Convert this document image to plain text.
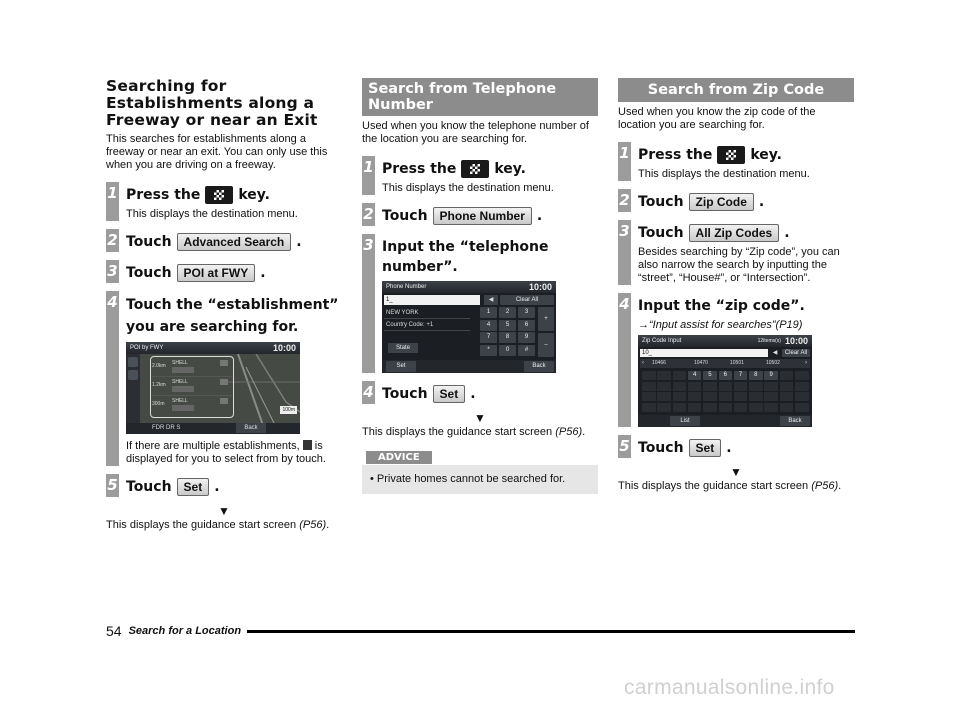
Searching for Establishments along a Freeway or near an Exit
This searches for establishments along a freeway or near an exit. You can only use this when you are driving on a freeway.
1 Press the	key.
This displays the destination menu.
2 Touch	Advanced Search .
3 Touch	POI at FWY .
4 Touch the “establishment” you are searching for.
POI by FWY	10:00
2.0km SHELL
1.2km SHELL
300m SHELL
100m
FDR DR S	Back
If there are multiple establishments, is displayed for you to select from by touch.
5 Touch	Set .
▼
This displays the guidance start screen (P56).
Search from Telephone Number
Used when you know the telephone number of the location you are searching for.
1 Press the	key.
This displays the destination menu.
2 Touch	Phone Number .
3 Input the “telephone number”.
Phone Number	10:00
1_	◀	Clear All
NEW YORK
Country Code: +1
1	2	3
4	5	6
7	8	9
*	0	#
+
–
State
Set	Back
4 Touch	Set .
▼
This displays the guidance start screen (P56).
ADVICE
• Private homes cannot be searched for.
Search from Zip Code
Used when you know the zip code of the location you are searching for.
1 Press the	key.
This displays the destination menu.
2 Touch	Zip Code .
3 Touch	All Zip Codes .
Besides searching by “Zip code”, you can also narrow the search by inputting the “street”, “House#”, or “Intersection”.
4 Input the “zip code”.
→“Input assist for searches”(P19)
Zip Code Input	12items(s) 10:00
10_	◀	Clear All
‹ 10466	10470	10501	10502	›
4	5	6	7	8	9
List	Back
5 Touch	Set .
▼
This displays the guidance start screen (P56).
54 Search for a Location
carmanualsonline.info
